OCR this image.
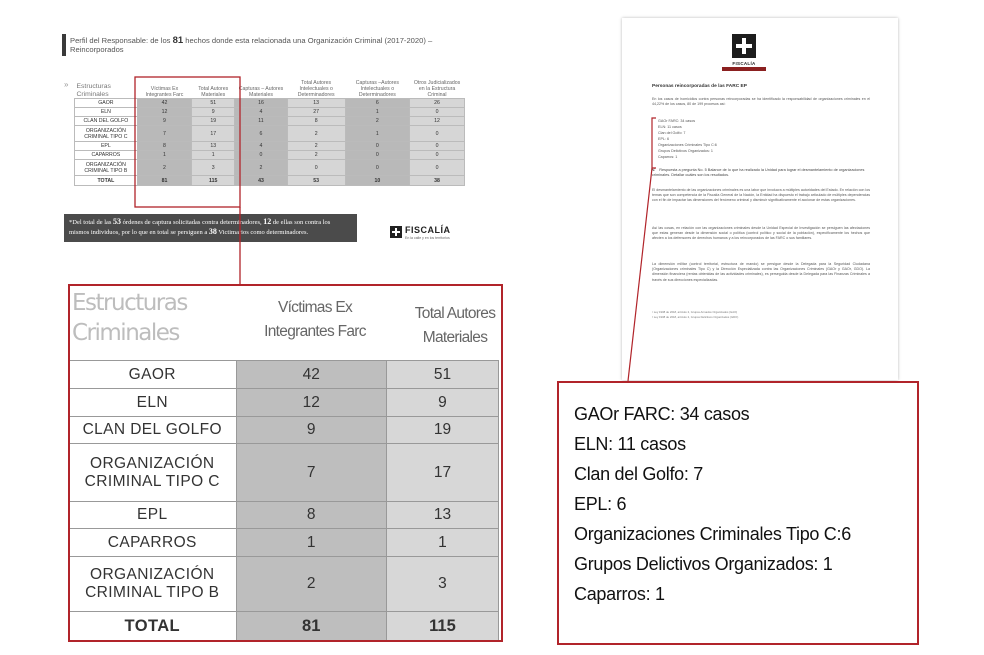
Perfil del Responsable: de los 81 hechos donde esta relacionada una Organización Criminal (2017-2020) – Reincorporados
» Estructuras Criminales	Víctimas Ex Integrantes Farc	Total Autores Materiales	Capturas – Autores Materiales	Total Autores Intelectuales o Determinadores	Capturas –Autores Intelectuales o Determinadores	Otros Judicializados en la Estructura Criminal
GAOR	42	51	16	13	6	26
ELN	12	9	4	27	1	0
CLAN DEL GOLFO	9	19	11	8	2	12
ORGANIZACIÓN CRIMINAL TIPO C	7	17	6	2	1	0
EPL	8	13	4	2	0	0
CAPARROS	1	1	0	2	0	0
ORGANIZACIÓN CRIMINAL TIPO B	2	3	2	0	0	0
TOTAL	81	115	43	53	10	38
*Del total de las 53 órdenes de captura solicitadas contra determinadores, 12 de ellas son contra los mismos individuos, por lo que en total se persiguen a 38 Victimarios como determinadores.	FISCALÍA
En la calle y en los territorios
FISCALÍA
Personas reincorporadas de las FARC EP
En los casos de homicidios contra personas reincorporadas se ha identificado la responsabilidad de organizaciones criminales en el 44,22% de los casos, 80 de 199 procesos así:
GAOr FARC: 34 casos
ELN: 11 casos
Clan del Golfo: 7
EPL: 6
Organizaciones Criminales Tipo C:6
Grupos Delictivos Organizados: 1
Caparros: 1
V. Respuesta a pregunta No. 5 Balance de lo que ha realizado la Unidad para lograr el desmantelamiento de organizaciones criminales. Detallar cuáles son los resultados.
El desmantelamiento de las organizaciones criminales es una labor que involucra a múltiples autoridades del Estado. En relación con los temas que son competencia de la Fiscalía General de la Nación, la Entidad ha dispuesto el trabajo articulado de múltiples dependencias con el fin de impactar las dimensiones del fenómeno criminal y disminuir significativamente el accionar de estas organizaciones.
Así las cosas, en relación con las organizaciones criminales desde la Unidad Especial de Investigación se persiguen las afectaciones que estas generan desde la dimensión social o política (control político y social de la población), específicamente los hechos que afecten a los defensores de derechos humanos y a los reincorporados de las FARC o sus familiares.
La dimensión militar (control territorial, estructura de mando) se persigue desde la Delegada para la Seguridad Ciudadana (Organizaciones criminales Tipo C) y la Dirección Especializada contra las Organizaciones Criminales (GAOr y GAOr, GDO). La dimensión financiera (rentas obtenidas de las actividades criminales), es perseguida desde la Delegada para las Finanzas Criminales a través de sus direcciones especializadas.
¹ Ley 1908 de 2018, artículo 2, Grupos Armados Organizados (GAO)
² Ley 1908 de 2018, artículo 2, Grupos Delictivos Organizados (GDO)
Estructuras Criminales
Víctimas Ex Integrantes Farc
Total Autores Materiales
GAOR	42	51
ELN	12	9
CLAN DEL GOLFO	9	19
ORGANIZACIÓN CRIMINAL TIPO C	7	17
EPL	8	13
CAPARROS	1	1
ORGANIZACIÓN CRIMINAL TIPO B	2	3
TOTAL	81	115
GAOr FARC: 34 casos
ELN: 11 casos
Clan del Golfo: 7
EPL: 6
Organizaciones Criminales Tipo C:6
Grupos Delictivos Organizados: 1
Caparros: 1
